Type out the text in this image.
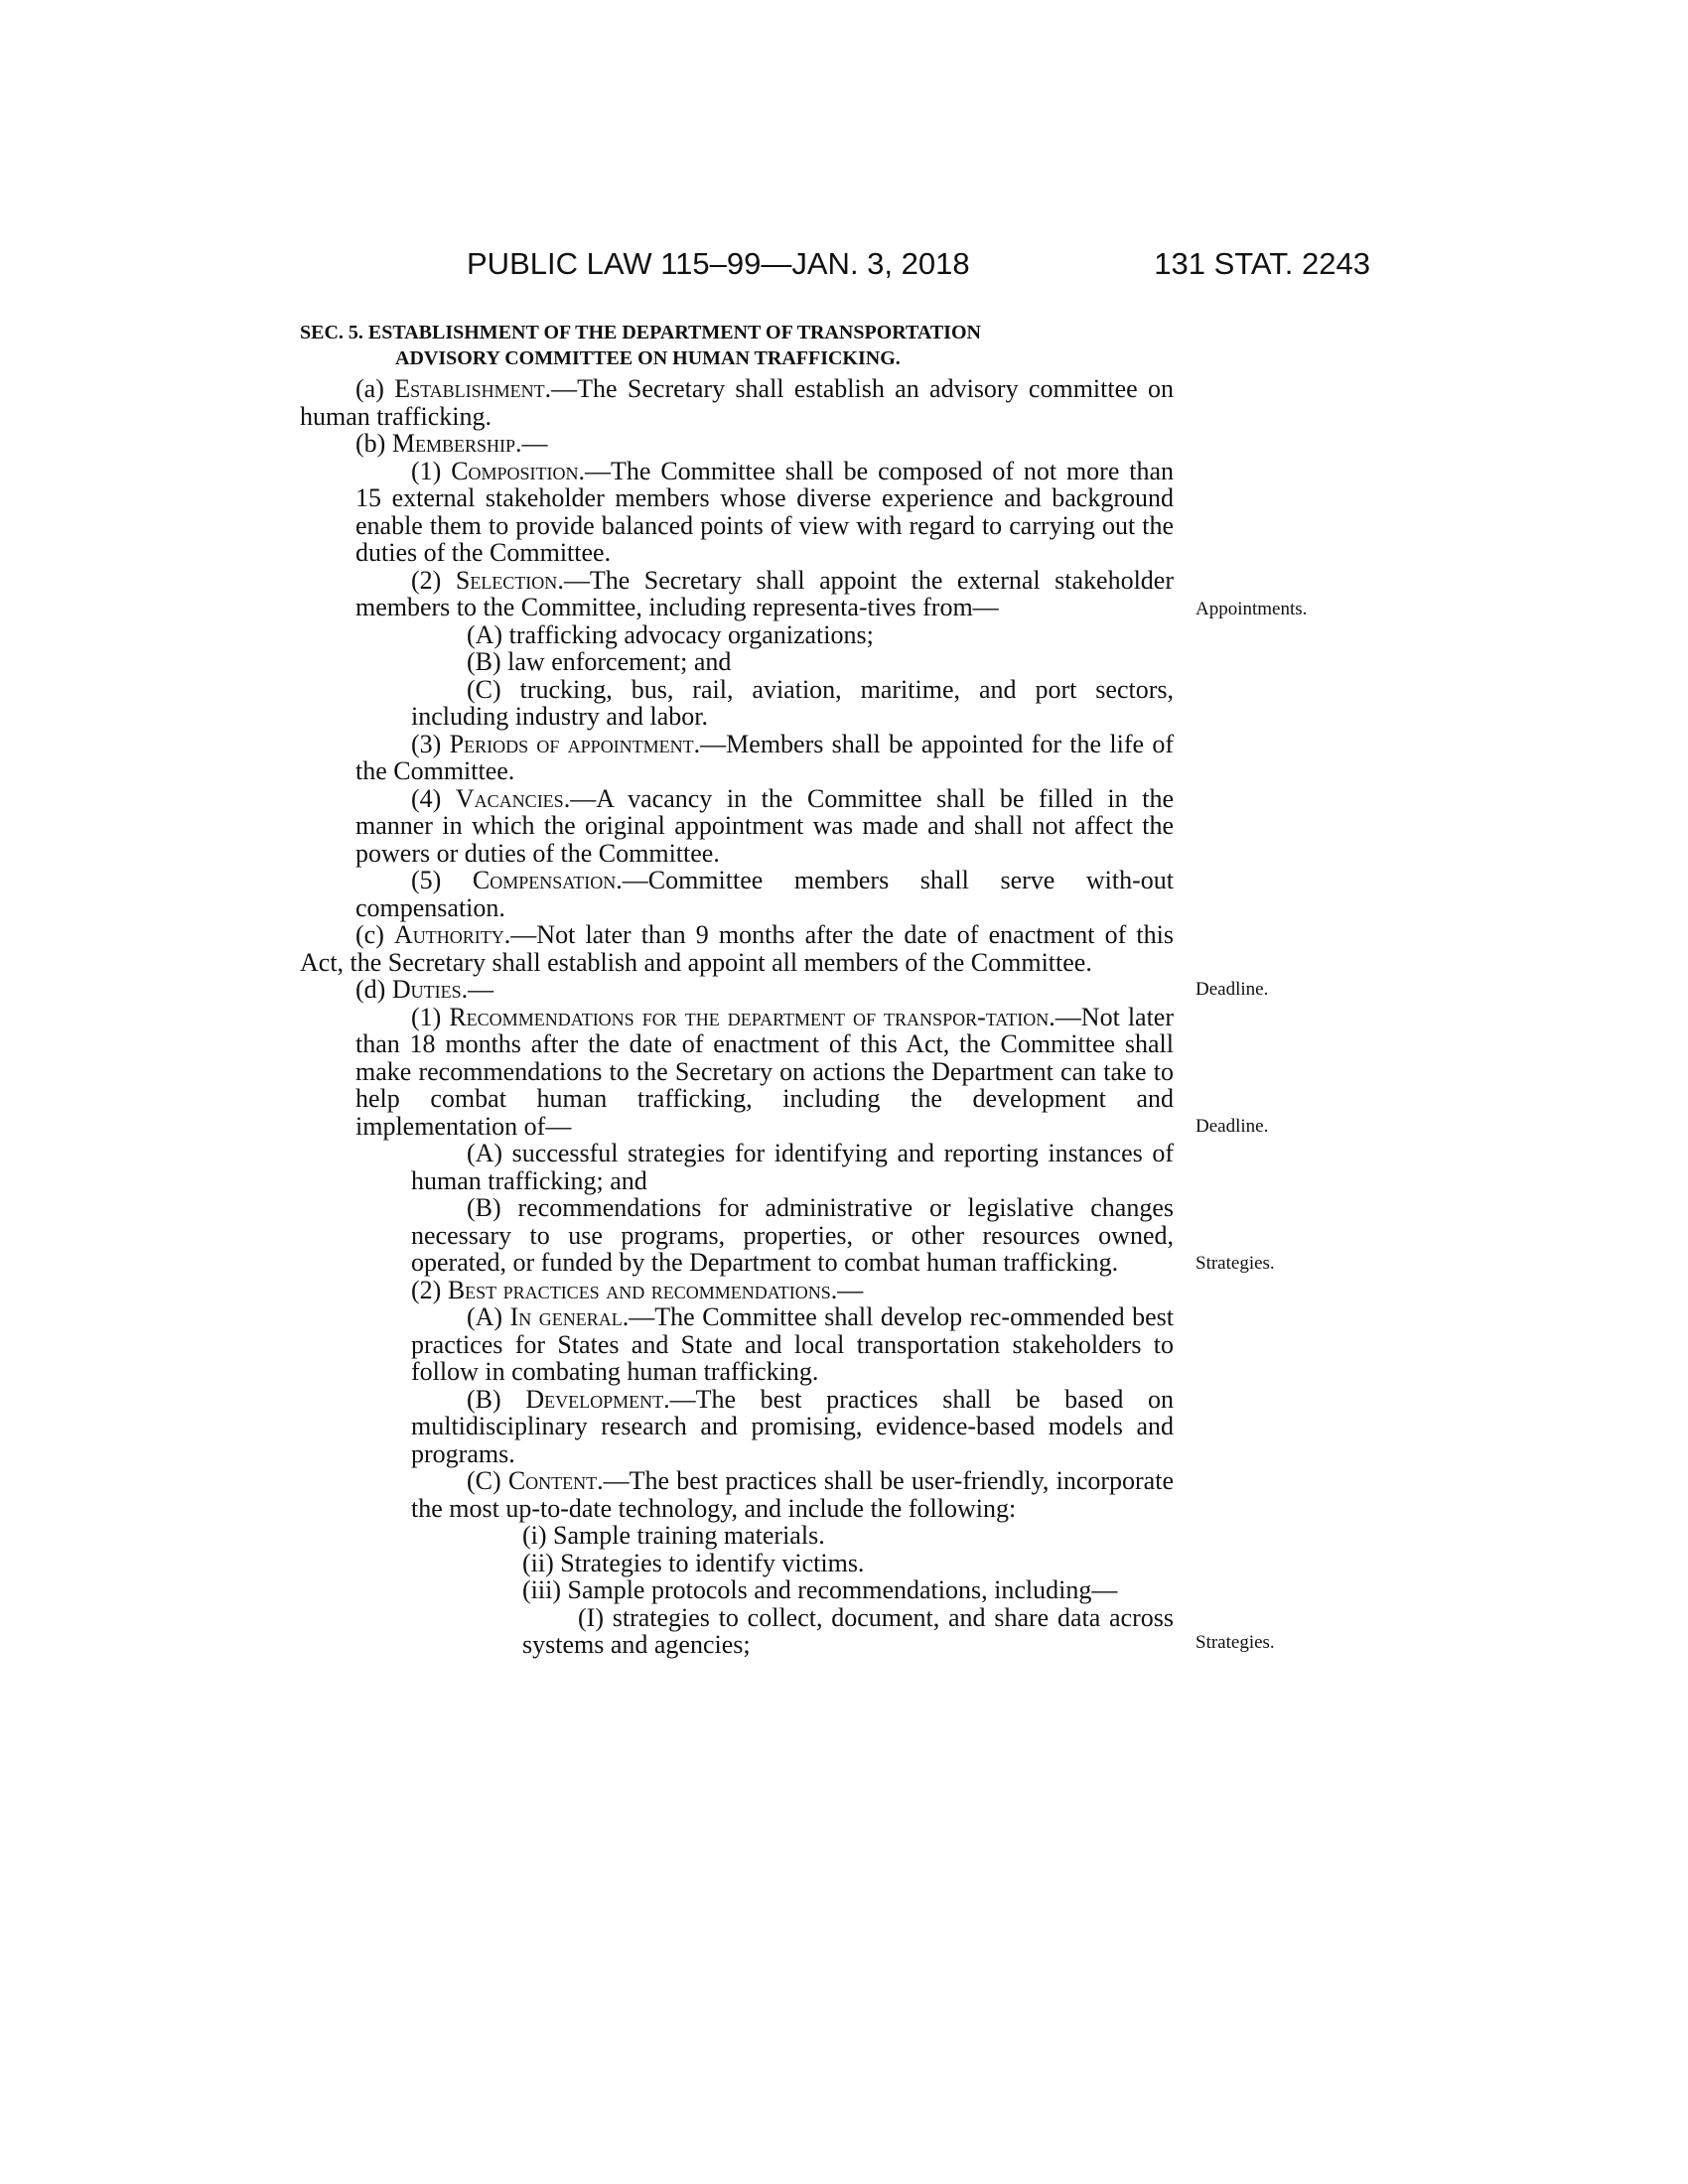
PUBLIC LAW 115–99—JAN. 3, 2018	131 STAT. 2243
SEC. 5. ESTABLISHMENT OF THE DEPARTMENT OF TRANSPORTATION
ADVISORY COMMITTEE ON HUMAN TRAFFICKING.

(a) Establishment.—The Secretary shall establish an advisory committee on human trafficking.

(b) Membership.—

(1) Composition.—The Committee shall be composed of not more than 15 external stakeholder members whose diverse experience and background enable them to provide balanced points of view with regard to carrying out the duties of the Committee.

(2) Selection.—The Secretary shall appoint the external stakeholder members to the Committee, including representa-tives from—

(A) trafficking advocacy organizations;

(B) law enforcement; and

(C) trucking, bus, rail, aviation, maritime, and port sectors, including industry and labor.

(3) Periods of appointment.—Members shall be appointed for the life of the Committee.

(4) Vacancies.—A vacancy in the Committee shall be filled in the manner in which the original appointment was made and shall not affect the powers or duties of the Committee.

(5) Compensation.—Committee members shall serve with-out compensation.

(c) Authority.—Not later than 9 months after the date of enactment of this Act, the Secretary shall establish and appoint all members of the Committee.

(d) Duties.—

(1) Recommendations for the department of transpor-tation.—Not later than 18 months after the date of enactment of this Act, the Committee shall make recommendations to the Secretary on actions the Department can take to help combat human trafficking, including the development and implementation of—

(A) successful strategies for identifying and reporting instances of human trafficking; and

(B) recommendations for administrative or legislative changes necessary to use programs, properties, or other resources owned, operated, or funded by the Department to combat human trafficking.

(2) Best practices and recommendations.—

(A) In general.—The Committee shall develop rec-ommended best practices for States and State and local transportation stakeholders to follow in combating human trafficking.

(B) Development.—The best practices shall be based on multidisciplinary research and promising, evidence-based models and programs.

(C) Content.—The best practices shall be user-friendly, incorporate the most up-to-date technology, and include the following:

(i) Sample training materials.

(ii) Strategies to identify victims.

(iii) Sample protocols and recommendations, including—

(I) strategies to collect, document, and share data across systems and agencies;

Appointments.
Deadline.
Deadline.
Strategies.
Strategies.
